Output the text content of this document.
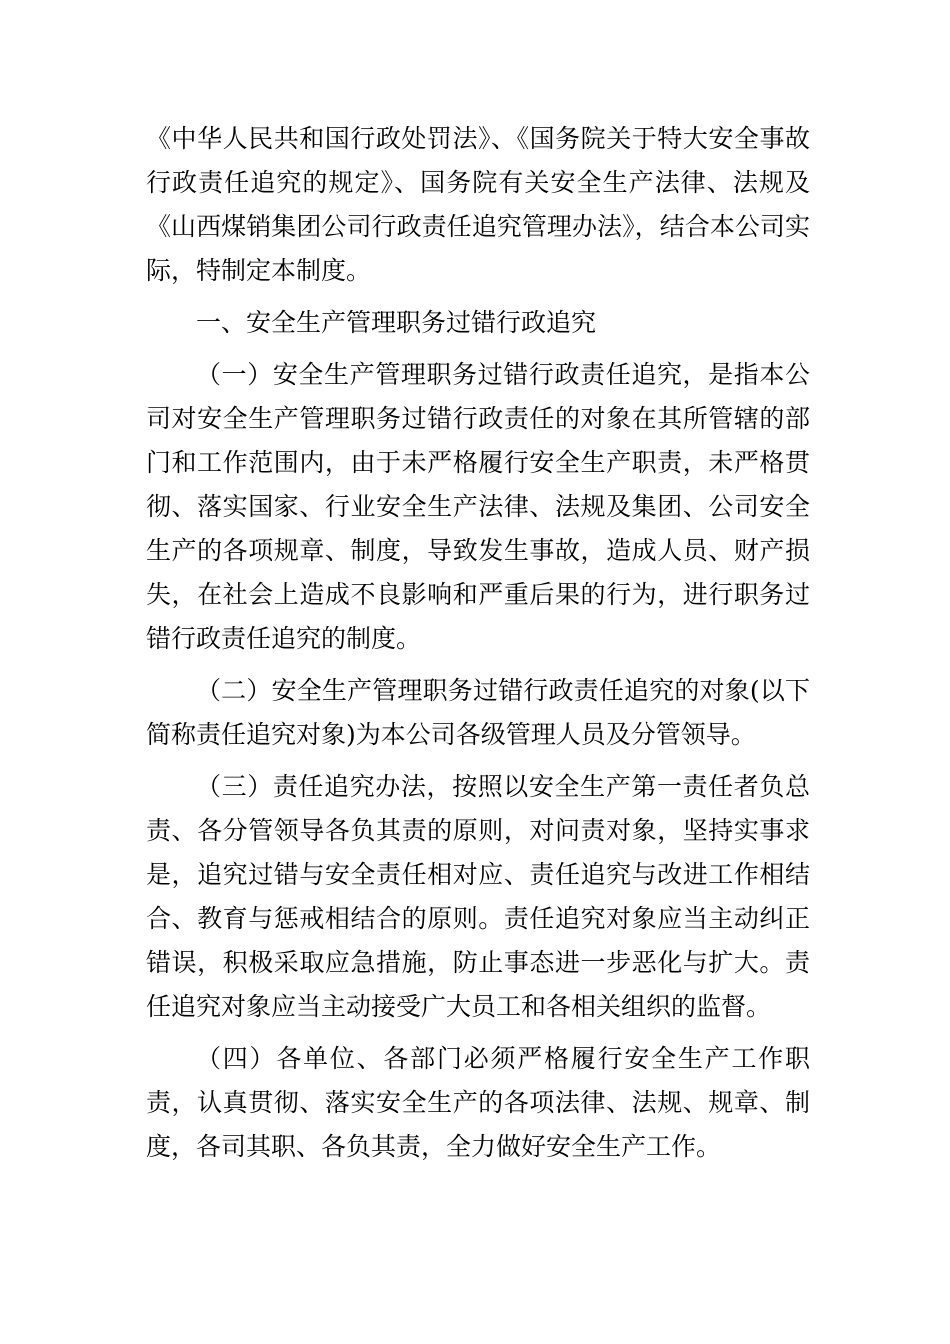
《中华人民共和国行政处罚法》、《国务院关于特大安全事故行政责任追究的规定》、国务院有关安全生产法律、法规及《山西煤销集团公司行政责任追究管理办法》，结合本公司实际，特制定本制度。

一、安全生产管理职务过错行政追究

（一）安全生产管理职务过错行政责任追究，是指本公司对安全生产管理职务过错行政责任的对象在其所管辖的部门和工作范围内，由于未严格履行安全生产职责，未严格贯彻、落实国家、行业安全生产法律、法规及集团、公司安全生产的各项规章、制度，导致发生事故，造成人员、财产损失，在社会上造成不良影响和严重后果的行为，进行职务过错行政责任追究的制度。

（二）安全生产管理职务过错行政责任追究的对象(以下简称责任追究对象)为本公司各级管理人员及分管领导。

（三）责任追究办法，按照以安全生产第一责任者负总责、各分管领导各负其责的原则，对问责对象，坚持实事求是，追究过错与安全责任相对应、责任追究与改进工作相结合、教育与惩戒相结合的原则。责任追究对象应当主动纠正错误，积极采取应急措施，防止事态进一步恶化与扩大。责任追究对象应当主动接受广大员工和各相关组织的监督。

（四）各单位、各部门必须严格履行安全生产工作职责，认真贯彻、落实安全生产的各项法律、法规、规章、制度，各司其职、各负其责，全力做好安全生产工作。
